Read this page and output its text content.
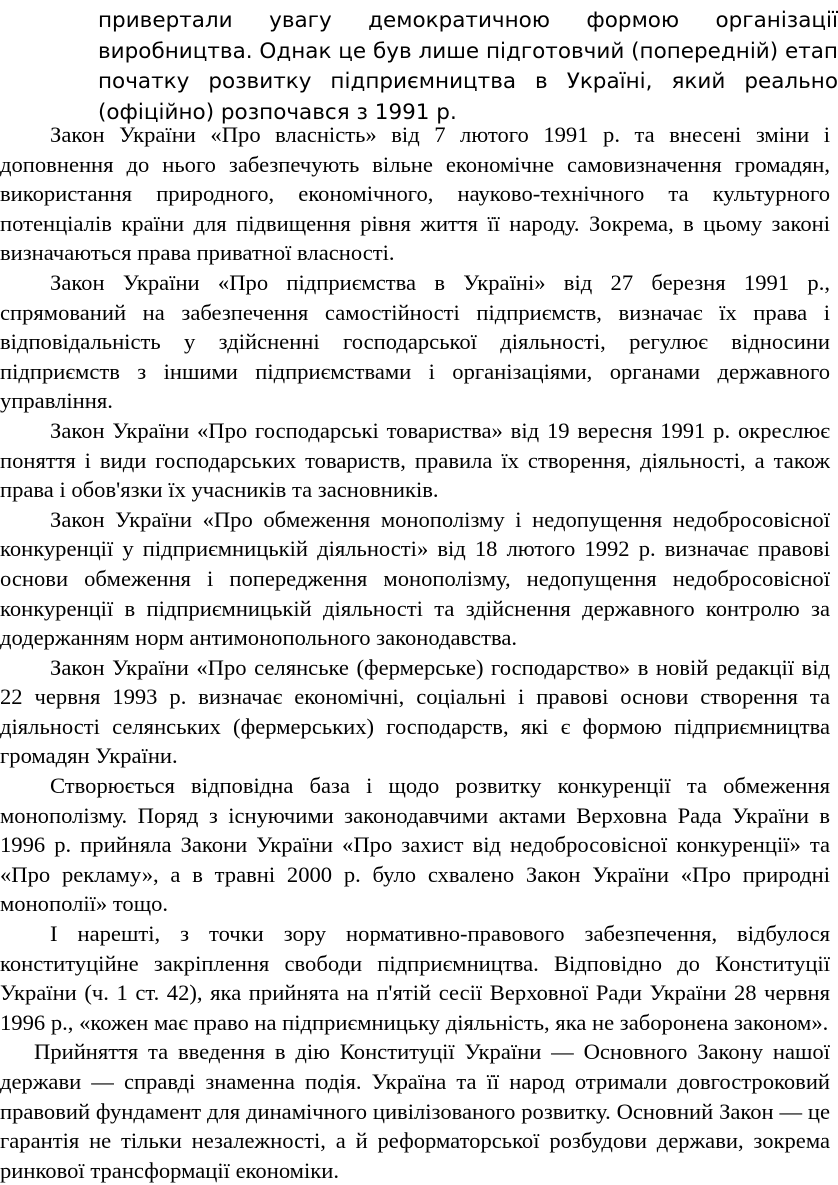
привертали увагу демократичною формою організації виробництва. Однак це був лише підготовчий (попередній) етап початку розвитку підприємництва в Україні, який реально (офіційно) розпочався з 1991 р.

Закон України «Про власність» від 7 лютого 1991 р. та внесені зміни і доповнення до нього забезпечують вільне економічне самовизначення громадян, використання природного, економічного, науково-технічного та культурного потенціалів країни для підвищення рівня життя її народу. Зокрема, в цьому законі визначаються права приватної власності.

Закон України «Про підприємства в Україні» від 27 березня 1991 р., спрямований на забезпечення самостійності підприємств, визначає їх права і відповідальність у здійсненні господарської діяльності, регулює відносини підприємств з іншими підприємствами і організаціями, органами державного управління.

Закон України «Про господарські товариства» від 19 вересня 1991 р. окреслює поняття і види господарських товариств, правила їх створення, діяльності, а також права і обов'язки їх учасників та засновників.

Закон України «Про обмеження монополізму і недопущення недобросовісної конкуренції у підприємницькій діяльності» від 18 лютого 1992 р. визначає правові основи обмеження і попередження монополізму, недопущення недобросовісної конкуренції в підприємницькій діяльності та здійснення державного контролю за додержанням норм антимонопольного законодавства.

Закон України «Про селянське (фермерське) господарство» в новій редакції від 22 червня 1993 р. визначає економічні, соціальні і правові основи створення та діяльності селянських (фермерських) господарств, які є формою підприємництва громадян України.

Створюється відповідна база і щодо розвитку конкуренції та обмеження монополізму. Поряд з існуючими законодавчими актами Верховна Рада України в 1996 р. прийняла Закони України «Про захист від недобросовісної конкуренції» та «Про рекламу», а в травні 2000 р. було схвалено Закон України «Про природні монополії» тощо.

І нарешті, з точки зору нормативно-правового забезпечення, відбулося конституційне закріплення свободи підприємництва. Відповідно до Конституції України (ч. 1 ст. 42), яка прийнята на п'ятій сесії Верховної Ради України 28 червня 1996 р., «кожен має право на підприємницьку діяльність, яка не заборонена законом».

Прийняття та введення в дію Конституції України — Основного Закону нашої держави — справді знаменна подія. Україна та її народ отримали довгостроковий правовий фундамент для динамічного цивілізованого розвитку. Основний Закон — це гарантія не тільки незалежності, а й реформаторської розбудови держави, зокрема ринкової трансформації економіки.
